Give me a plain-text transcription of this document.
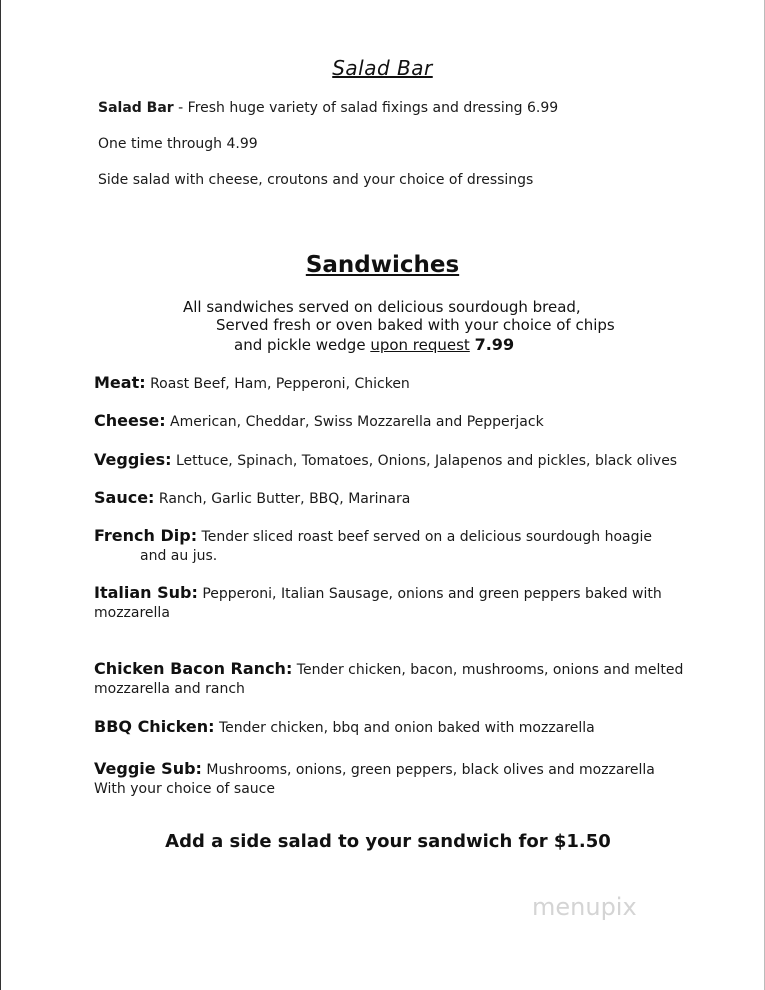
Salad Bar
Salad Bar - Fresh huge variety of salad fixings and dressing 6.99
One time through 4.99
Side salad with cheese, croutons and your choice of dressings
Sandwiches
All sandwiches served on delicious sourdough bread,
Served fresh or oven baked with your choice of chips
and pickle wedge upon request 7.99
Meat: Roast Beef, Ham, Pepperoni, Chicken
Cheese: American, Cheddar, Swiss Mozzarella and Pepperjack
Veggies: Lettuce, Spinach, Tomatoes, Onions, Jalapenos and pickles, black olives
Sauce: Ranch, Garlic Butter, BBQ, Marinara
French Dip: Tender sliced roast beef served on a delicious sourdough hoagie
and au jus.
Italian Sub: Pepperoni, Italian Sausage, onions and green peppers baked with
mozzarella
Chicken Bacon Ranch: Tender chicken, bacon, mushrooms, onions and melted
mozzarella and ranch
BBQ Chicken: Tender chicken, bbq and onion baked with mozzarella
Veggie Sub: Mushrooms, onions, green peppers, black olives and mozzarella
With your choice of sauce
Add a side salad to your sandwich for $1.50
menupix
